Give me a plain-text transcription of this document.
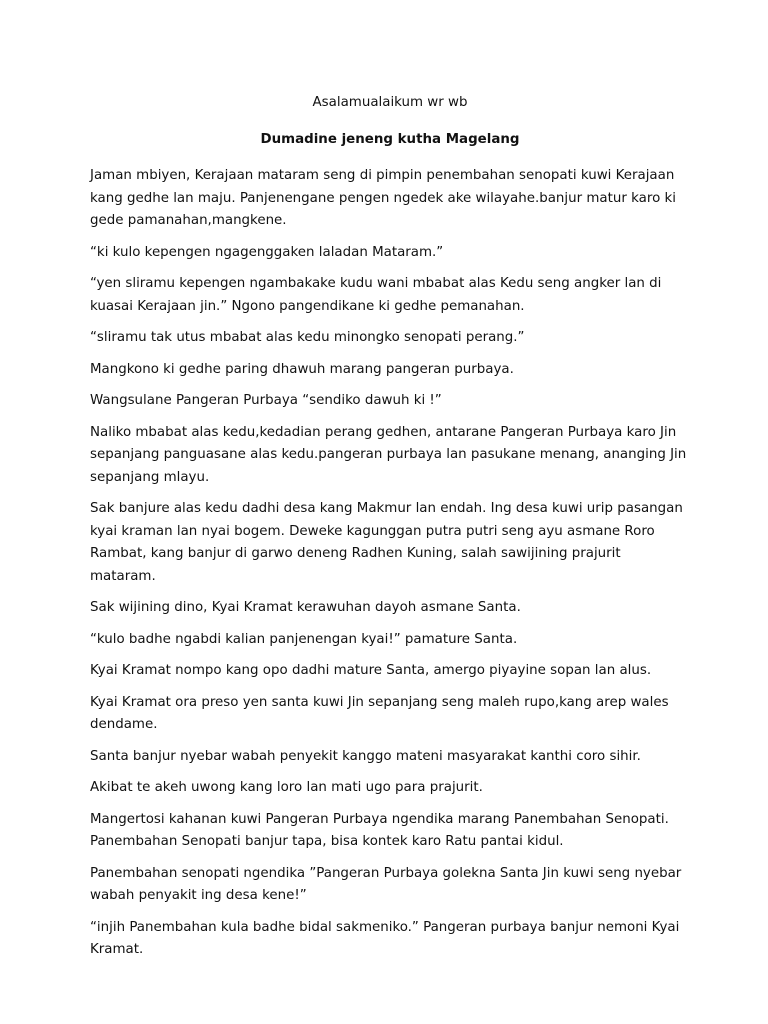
Asalamualaikum wr wb

Dumadine jeneng kutha Magelang

Jaman mbiyen, Kerajaan mataram seng di pimpin penembahan senopati kuwi Kerajaan kang gedhe lan maju. Panjenengane pengen ngedek ake wilayahe.banjur matur karo ki gede pamanahan,mangkene.

“ki kulo kepengen ngagenggaken laladan Mataram.”

“yen sliramu kepengen ngambakake kudu wani mbabat alas Kedu seng angker lan di kuasai Kerajaan jin.” Ngono pangendikane ki gedhe pemanahan.

“sliramu tak utus mbabat alas kedu minongko senopati perang.”

Mangkono ki gedhe paring dhawuh marang pangeran purbaya.

Wangsulane Pangeran Purbaya “sendiko dawuh ki !”

Naliko mbabat alas kedu,kedadian perang gedhen, antarane Pangeran Purbaya karo Jin sepanjang panguasane alas kedu.pangeran purbaya lan pasukane menang, ananging Jin sepanjang mlayu.

Sak banjure alas kedu dadhi desa kang Makmur lan endah. Ing desa kuwi urip pasangan kyai kraman lan nyai bogem. Deweke kagunggan putra putri seng ayu asmane Roro Rambat, kang banjur di garwo deneng Radhen Kuning, salah sawijining prajurit mataram.

Sak wijining dino, Kyai Kramat kerawuhan dayoh asmane Santa.

“kulo badhe ngabdi kalian panjenengan kyai!” pamature Santa.

Kyai Kramat nompo kang opo dadhi mature Santa, amergo piyayine sopan lan alus.

Kyai Kramat ora preso yen santa kuwi Jin sepanjang seng maleh rupo,kang arep wales dendame.

Santa banjur nyebar wabah penyekit kanggo mateni masyarakat kanthi coro sihir.

Akibat te akeh uwong kang loro lan mati ugo para prajurit.

Mangertosi kahanan kuwi Pangeran Purbaya ngendika marang Panembahan Senopati. Panembahan Senopati banjur tapa, bisa kontek karo Ratu pantai kidul.

Panembahan senopati ngendika ”Pangeran Purbaya golekna Santa Jin kuwi seng nyebar wabah penyakit ing desa kene!”

“injih Panembahan kula badhe bidal sakmeniko.” Pangeran purbaya banjur nemoni Kyai Kramat.
